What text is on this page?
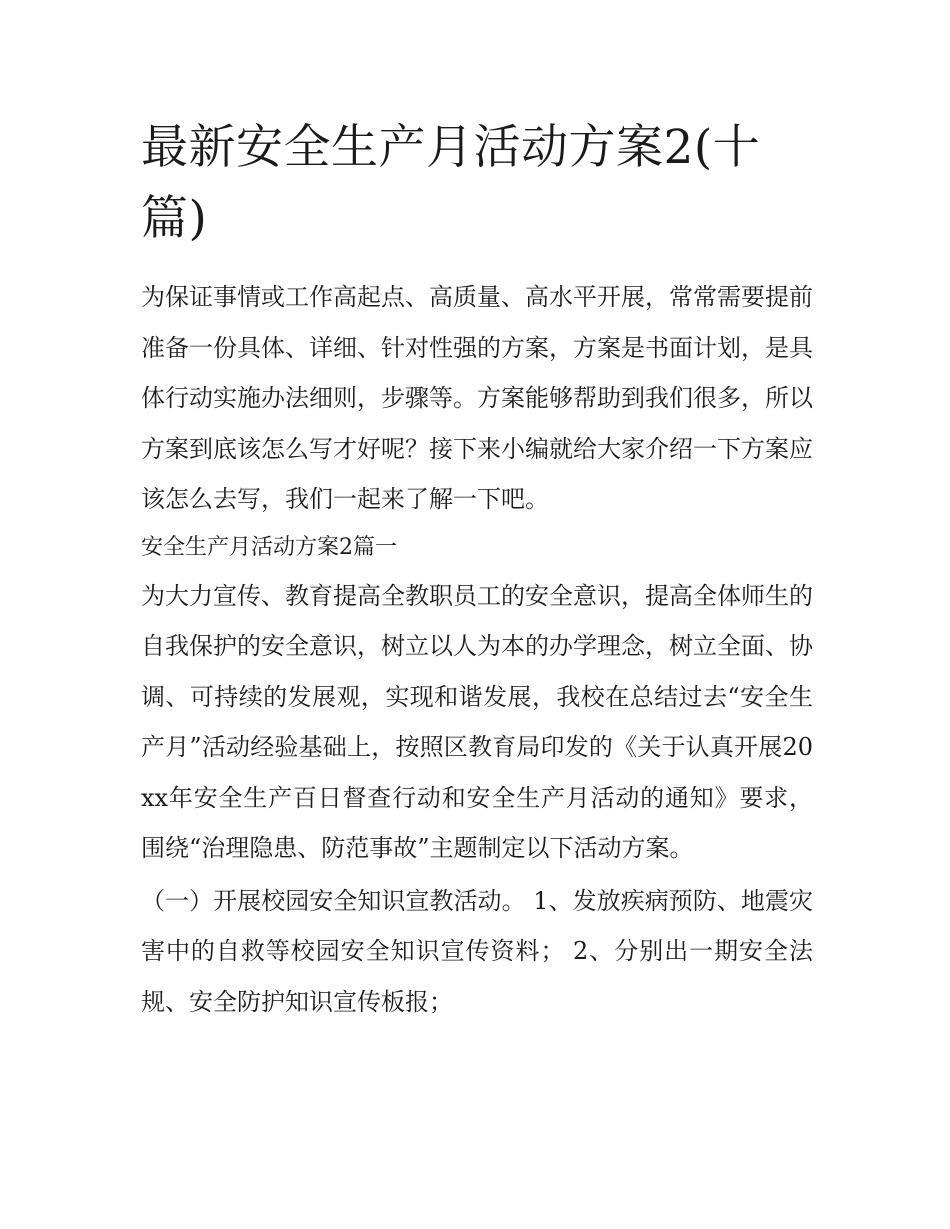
最新安全生产月活动方案2(十篇)

为保证事情或工作高起点、高质量、高水平开展，常常需要提前准备一份具体、详细、针对性强的方案，方案是书面计划，是具体行动实施办法细则，步骤等。方案能够帮助到我们很多，所以方案到底该怎么写才好呢？接下来小编就给大家介绍一下方案应该怎么去写，我们一起来了解一下吧。

安全生产月活动方案2篇一

为大力宣传、教育提高全教职员工的安全意识，提高全体师生的自我保护的安全意识，树立以人为本的办学理念，树立全面、协调、可持续的发展观，实现和谐发展，我校在总结过去“安全生产月”活动经验基础上，按照区教育局印发的《关于认真开展20xx年安全生产百日督查行动和安全生产月活动的通知》要求，围绕“治理隐患、防范事故”主题制定以下活动方案。

（一）开展校园安全知识宣教活动。 1、发放疾病预防、地震灾害中的自救等校园安全知识宣传资料； 2、分别出一期安全法规、安全防护知识宣传板报；
